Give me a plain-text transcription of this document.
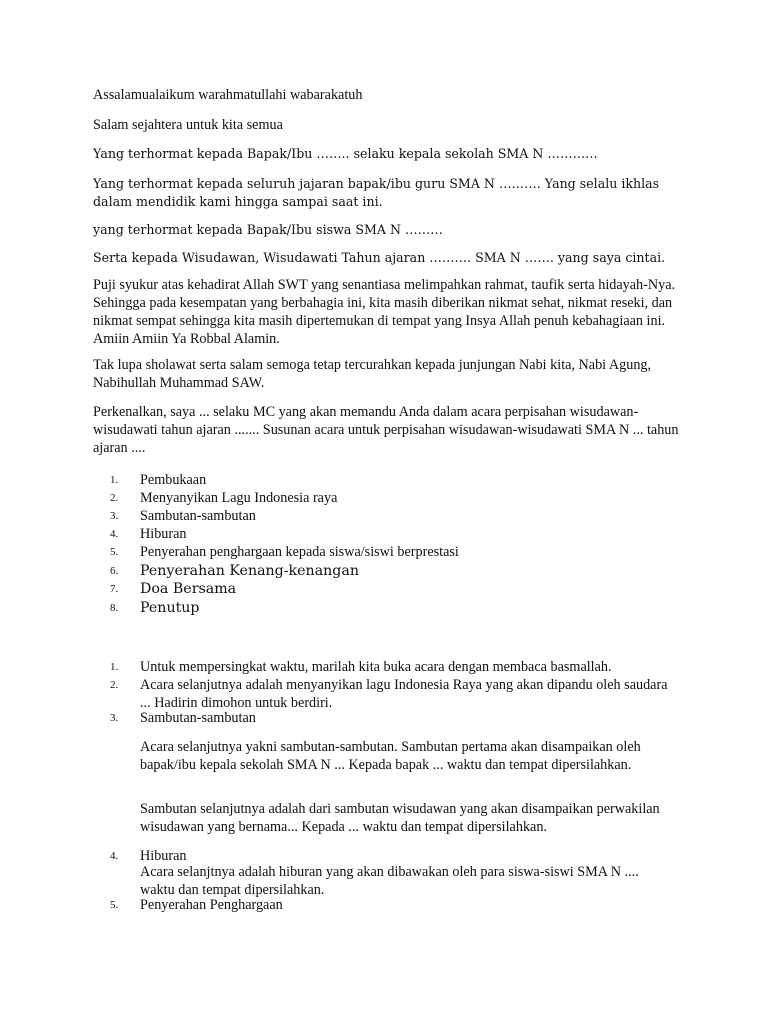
Assalamualaikum warahmatullahi wabarakatuh
Salam sejahtera untuk kita semua
Yang terhormat kepada Bapak/Ibu …….. selaku kepala sekolah SMA N …………
Yang terhormat kepada seluruh jajaran bapak/ibu guru SMA N ………. Yang selalu ikhlas dalam mendidik kami hingga sampai saat ini.
yang terhormat kepada Bapak/Ibu siswa SMA N ………
Serta kepada Wisudawan, Wisudawati Tahun ajaran ………. SMA N ……. yang saya cintai.
Puji syukur atas kehadirat Allah SWT yang senantiasa melimpahkan rahmat, taufik serta hidayah-Nya. Sehingga pada kesempatan yang berbahagia ini, kita masih diberikan nikmat sehat, nikmat reseki, dan nikmat sempat sehingga kita masih dipertemukan di tempat yang Insya Allah penuh kebahagiaan ini. Amiin Amiin Ya Robbal Alamin.
Tak lupa sholawat serta salam semoga tetap tercurahkan kepada junjungan Nabi kita, Nabi Agung, Nabihullah Muhammad SAW.
Perkenalkan, saya ... selaku MC yang akan memandu Anda dalam acara perpisahan wisudawan-wisudawati tahun ajaran ....... Susunan acara untuk perpisahan wisudawan-wisudawati SMA N ... tahun ajaran ....
1. Pembukaan
2. Menyanyikan Lagu Indonesia raya
3. Sambutan-sambutan
4. Hiburan
5. Penyerahan penghargaan kepada siswa/siswi berprestasi
6. Penyerahan Kenang-kenangan
7. Doa Bersama
8. Penutup
1. Untuk mempersingkat waktu, marilah kita buka acara dengan membaca basmallah.
2. Acara selanjutnya adalah menyanyikan lagu Indonesia Raya yang akan dipandu oleh saudara ... Hadirin dimohon untuk berdiri.
3. Sambutan-sambutan
Acara selanjutnya yakni sambutan-sambutan. Sambutan pertama akan disampaikan oleh bapak/ibu kepala sekolah SMA N ... Kepada bapak ... waktu dan tempat dipersilahkan.
Sambutan selanjutnya adalah dari sambutan wisudawan yang akan disampaikan perwakilan wisudawan yang bernama... Kepada ... waktu dan tempat dipersilahkan.
4. Hiburan
Acara selanjtnya adalah hiburan yang akan dibawakan oleh para siswa-siswi SMA N .... waktu dan tempat dipersilahkan.
5. Penyerahan Penghargaan
